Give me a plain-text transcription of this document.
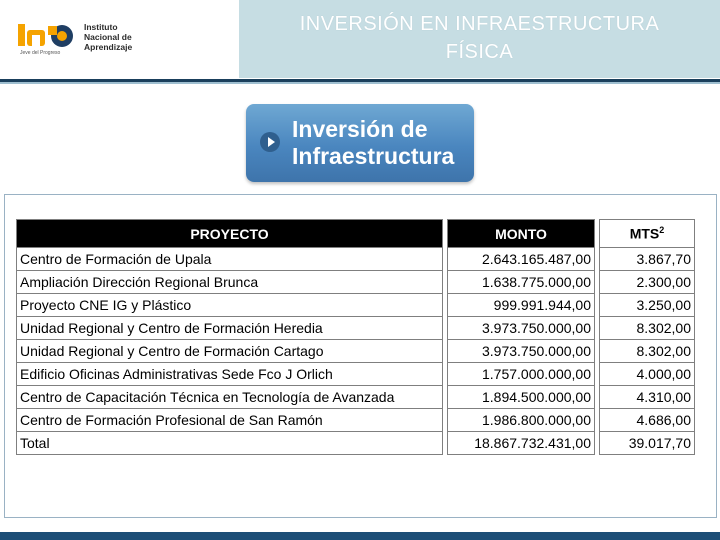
Instituto
Nacional de
Aprendizaje
Jeve del Progreso
INVERSIÓN EN INFRAESTRUCTURA
FÍSICA
Inversión de
Infraestructura
PROYECTO		MONTO		MTS$^2$
Centro de Formación de Upala		2.643.165.487,00		3.867,70
Ampliación Dirección Regional Brunca		1.638.775.000,00		2.300,00
Proyecto CNE IG y Plástico		999.991.944,00		3.250,00
Unidad Regional y Centro de Formación Heredia		3.973.750.000,00		8.302,00
Unidad Regional y Centro de Formación Cartago		3.973.750.000,00		8.302,00
Edificio Oficinas Administrativas Sede Fco J Orlich		1.757.000.000,00		4.000,00
Centro de Capacitación Técnica en Tecnología de Avanzada		1.894.500.000,00		4.310,00
Centro de Formación Profesional de San Ramón		1.986.800.000,00		4.686,00
Total		18.867.732.431,00		39.017,70
